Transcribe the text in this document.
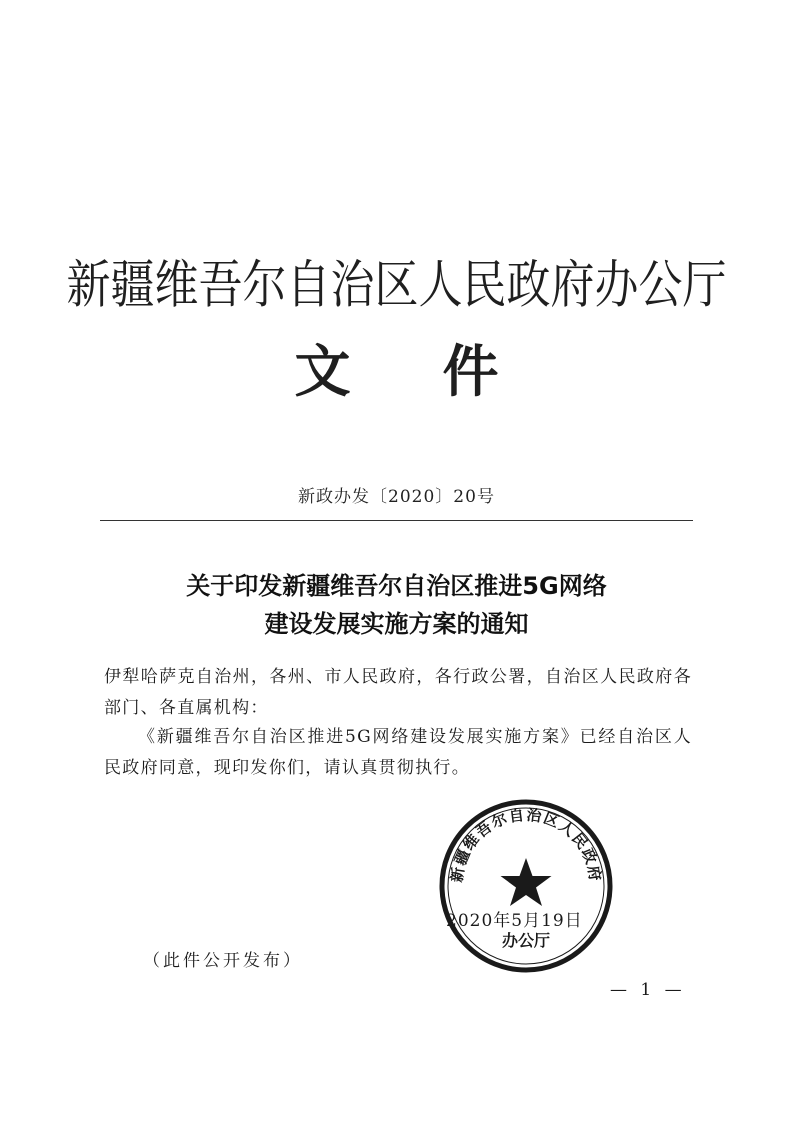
新疆维吾尔自治区人民政府办公厅
文 件
新政办发〔2020〕20号
关于印发新疆维吾尔自治区推进5G网络
建设发展实施方案的通知
伊犁哈萨克自治州，各州、市人民政府，各行政公署，自治区人民政府各部门、各直属机构：
《新疆维吾尔自治区推进5G网络建设发展实施方案》已经自治区人民政府同意，现印发你们，请认真贯彻执行。
新疆维吾尔自治区人民政府
办公厅
2020年5月19日
（此件公开发布）
— 1 —
